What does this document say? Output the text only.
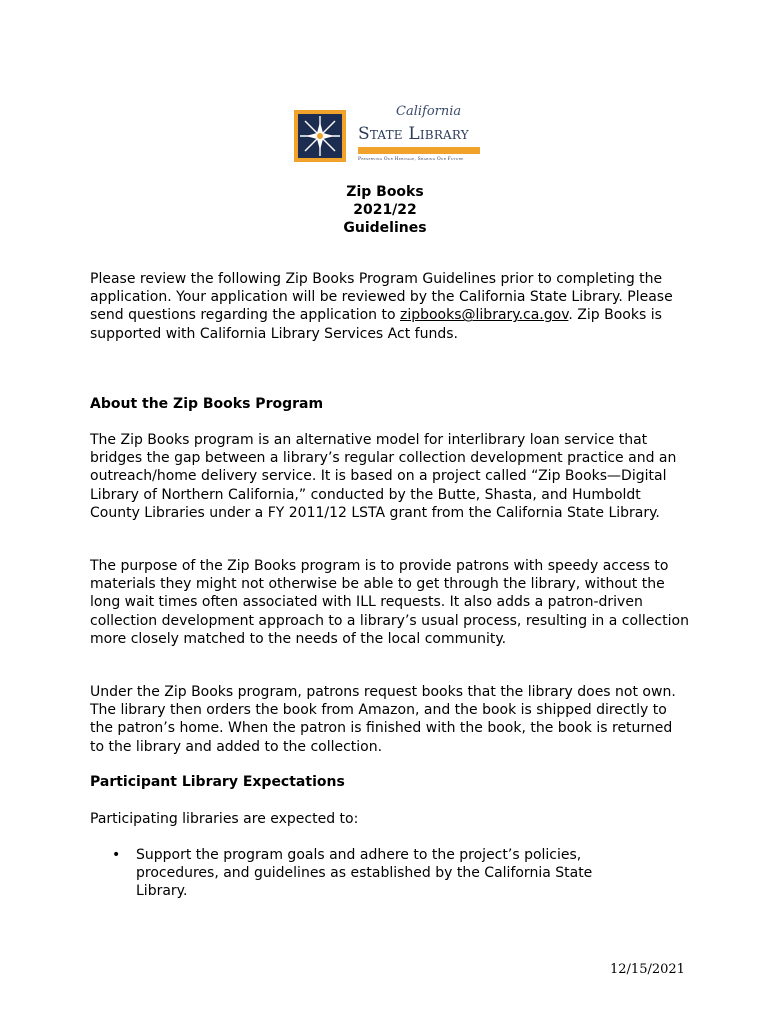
California
State Library
Preserving Our Heritage, Sharing Our Future
Zip Books
2021/22
Guidelines

Please review the following Zip Books Program Guidelines prior to completing the application. Your application will be reviewed by the California State Library. Please send questions regarding the application to zipbooks@library.ca.gov. Zip Books is supported with California Library Services Act funds.

About the Zip Books Program

The Zip Books program is an alternative model for interlibrary loan service that bridges the gap between a library’s regular collection development practice and an outreach/home delivery service. It is based on a project called “Zip Books—Digital Library of Northern California,” conducted by the Butte, Shasta, and Humboldt County Libraries under a FY 2011/12 LSTA grant from the California State Library.

The purpose of the Zip Books program is to provide patrons with speedy access to materials they might not otherwise be able to get through the library, without the long wait times often associated with ILL requests. It also adds a patron-driven collection development approach to a library’s usual process, resulting in a collection more closely matched to the needs of the local community.

Under the Zip Books program, patrons request books that the library does not own. The library then orders the book from Amazon, and the book is shipped directly to the patron’s home. When the patron is finished with the book, the book is returned to the library and added to the collection.

Participant Library Expectations

Participating libraries are expected to:

• Support the program goals and adhere to the project’s policies, procedures, and guidelines as established by the California State Library.

12/15/2021
